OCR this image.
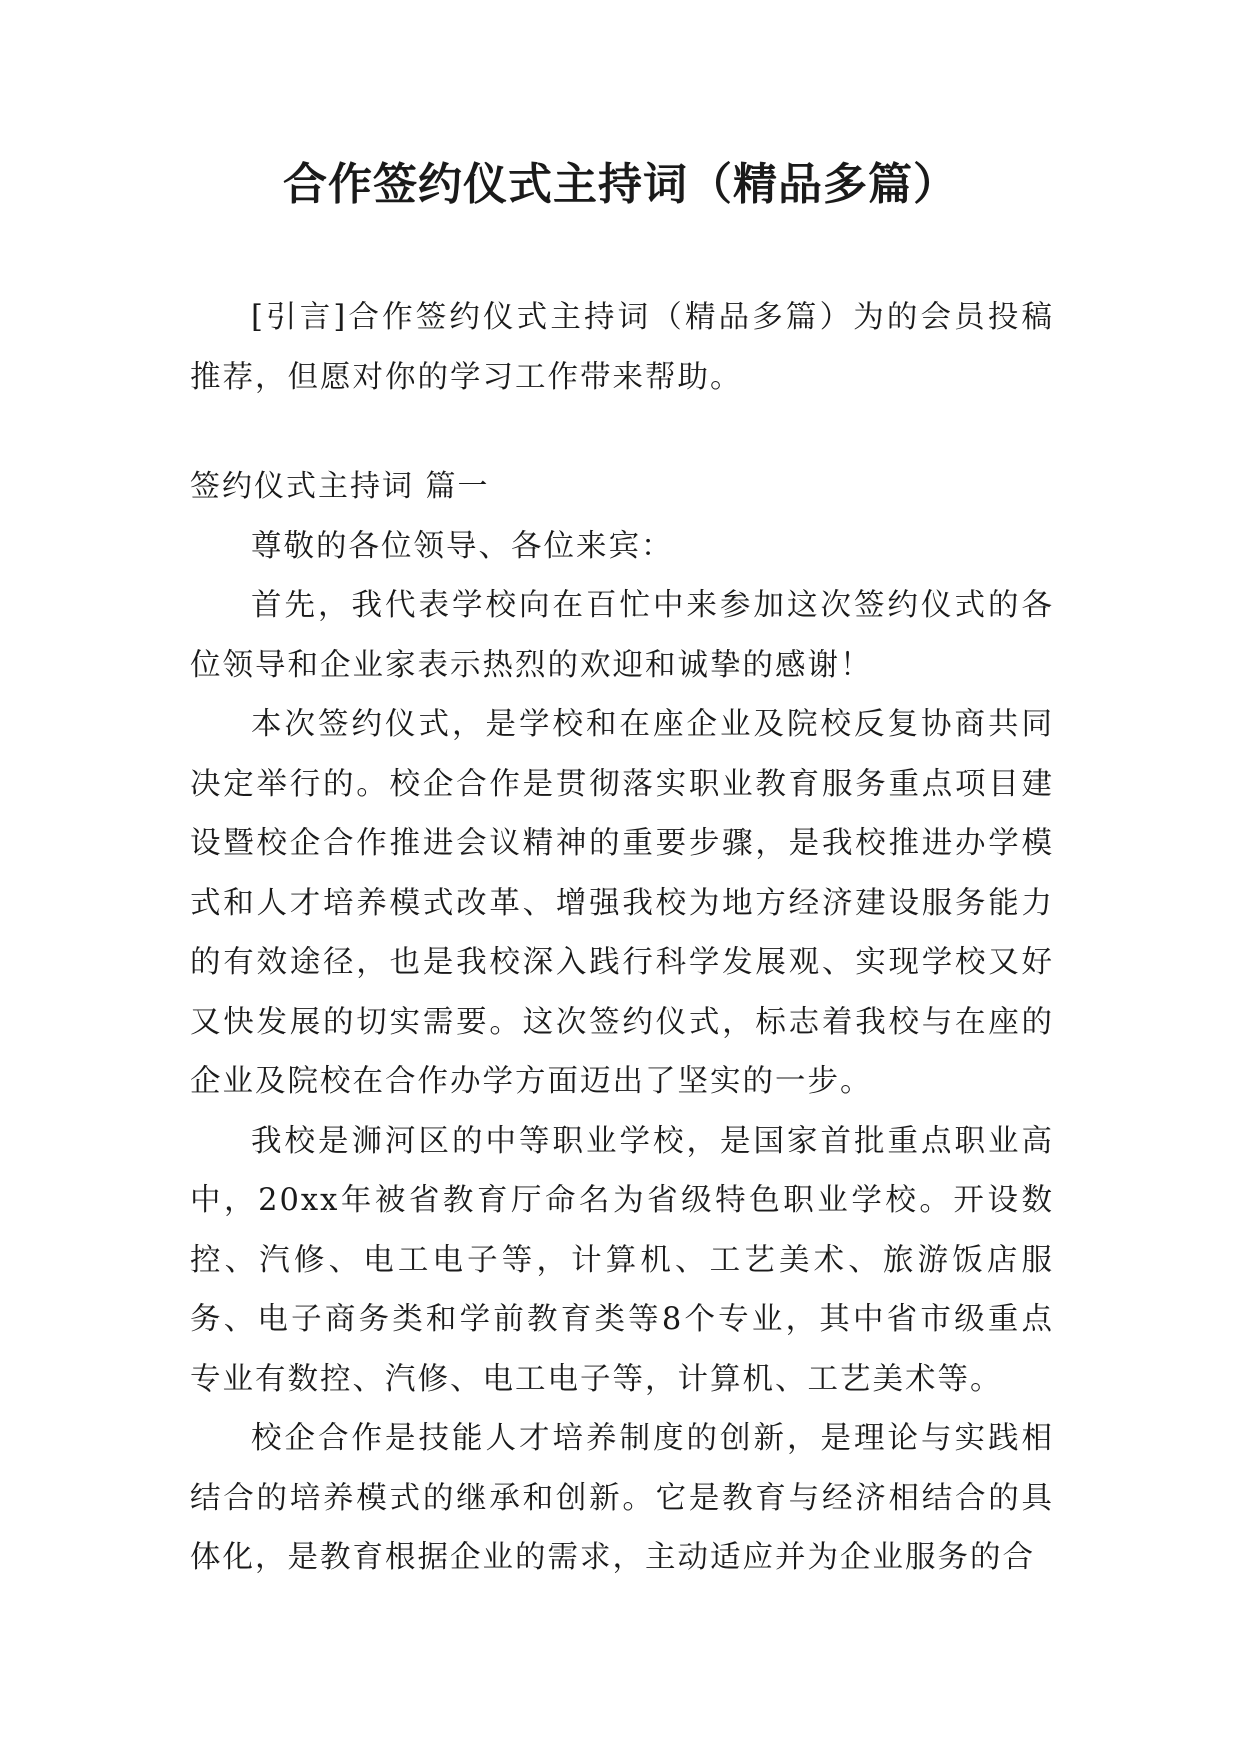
合作签约仪式主持词（精品多篇）

[引言]合作签约仪式主持词（精品多篇）为的会员投稿推荐，但愿对你的学习工作带来帮助。

签约仪式主持词 篇一

尊敬的各位领导、各位来宾：

首先，我代表学校向在百忙中来参加这次签约仪式的各位领导和企业家表示热烈的欢迎和诚挚的感谢！

本次签约仪式，是学校和在座企业及院校反复协商共同决定举行的。校企合作是贯彻落实职业教育服务重点项目建设暨校企合作推进会议精神的重要步骤，是我校推进办学模式和人才培养模式改革、增强我校为地方经济建设服务能力的有效途径，也是我校深入践行科学发展观、实现学校又好又快发展的切实需要。这次签约仪式，标志着我校与在座的企业及院校在合作办学方面迈出了坚实的一步。

我校是浉河区的中等职业学校，是国家首批重点职业高中，20xx年被省教育厅命名为省级特色职业学校。开设数控、汽修、电工电子等，计算机、工艺美术、旅游饭店服务、电子商务类和学前教育类等8个专业，其中省市级重点专业有数控、汽修、电工电子等，计算机、工艺美术等。

校企合作是技能人才培养制度的创新，是理论与实践相结合的培养模式的继承和创新。它是教育与经济相结合的具体化，是教育根据企业的需求，主动适应并为企业服务的合
